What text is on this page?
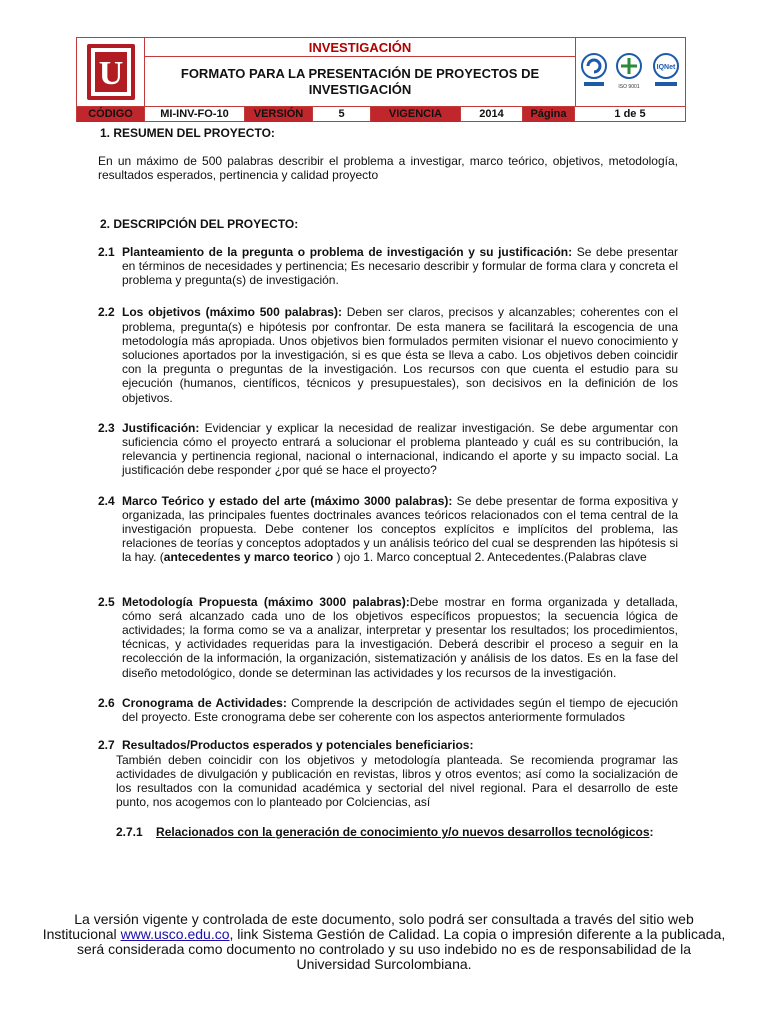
U
INVESTIGACIÓN
FORMATO PARA LA PRESENTACIÓN DE PROYECTOS DE INVESTIGACIÓN	ISO 9001
IQNet
CÓDIGO	MI-INV-FO-10	VERSIÓN	5	VIGENCIA	2014	Página	1 de 5
1. RESUMEN DEL PROYECTO:

En un máximo de 500 palabras describir el problema a investigar, marco teórico, objetivos, metodología, resultados esperados, pertinencia y calidad proyecto

2. DESCRIPCIÓN DEL PROYECTO:
2.1 Planteamiento de la pregunta o problema de investigación y su justificación: Se debe presentar en términos de necesidades y pertinencia; Es necesario describir y formular de forma clara y concreta el problema y pregunta(s) de investigación.
2.2 Los objetivos (máximo 500 palabras): Deben ser claros, precisos y alcanzables; coherentes con el problema, pregunta(s) e hipótesis por confrontar. De esta manera se facilitará la escogencia de una metodología más apropiada. Unos objetivos bien formulados permiten visionar el nuevo conocimiento y soluciones aportados por la investigación, si es que ésta se lleva a cabo. Los objetivos deben coincidir con la pregunta o preguntas de la investigación. Los recursos con que cuenta el estudio para su ejecución (humanos, científicos, técnicos y presupuestales), son decisivos en la definición de los objetivos.
2.3 Justificación: Evidenciar y explicar la necesidad de realizar investigación. Se debe argumentar con suficiencia cómo el proyecto entrará a solucionar el problema planteado y cuál es su contribución, la relevancia y pertinencia regional, nacional o internacional, indicando el aporte y su impacto social. La justificación debe responder ¿por qué se hace el proyecto?
2.4 Marco Teórico y estado del arte (máximo 3000 palabras): Se debe presentar de forma expositiva y organizada, las principales fuentes doctrinales avances teóricos relacionados con el tema central de la investigación propuesta. Debe contener los conceptos explícitos e implícitos del problema, las relaciones de teorías y conceptos adoptados y un análisis teórico del cual se desprenden las hipótesis si la hay. (antecedentes y marco teorico ) ojo 1. Marco conceptual 2. Antecedentes.(Palabras clave
2.5 Metodología Propuesta (máximo 3000 palabras):Debe mostrar en forma organizada y detallada, cómo será alcanzado cada uno de los objetivos específicos propuestos; la secuencia lógica de actividades; la forma como se va a analizar, interpretar y presentar los resultados; los procedimientos, técnicas, y actividades requeridas para la investigación. Deberá describir el proceso a seguir en la recolección de la información, la organización, sistematización y análisis de los datos. Es en la fase del diseño metodológico, donde se determinan las actividades y los recursos de la investigación.
2.6 Cronograma de Actividades: Comprende la descripción de actividades según el tiempo de ejecución del proyecto. Este cronograma debe ser coherente con los aspectos anteriormente formulados
2.7 Resultados/Productos esperados y potenciales beneficiarios:

También deben coincidir con los objetivos y metodología planteada. Se recomienda programar las actividades de divulgación y publicación en revistas, libros y otros eventos; así como la socialización de los resultados con la comunidad académica y sectorial del nivel regional. Para el desarrollo de este punto, nos acogemos con lo planteado por Colciencias, así

2.7.1 Relacionados con la generación de conocimiento y/o nuevos desarrollos tecnológicos:
La versión vigente y controlada de este documento, solo podrá ser consultada a través del sitio web Institucional www.usco.edu.co, link Sistema Gestión de Calidad. La copia o impresión diferente a la publicada, será considerada como documento no controlado y su uso indebido no es de responsabilidad de la Universidad Surcolombiana.
